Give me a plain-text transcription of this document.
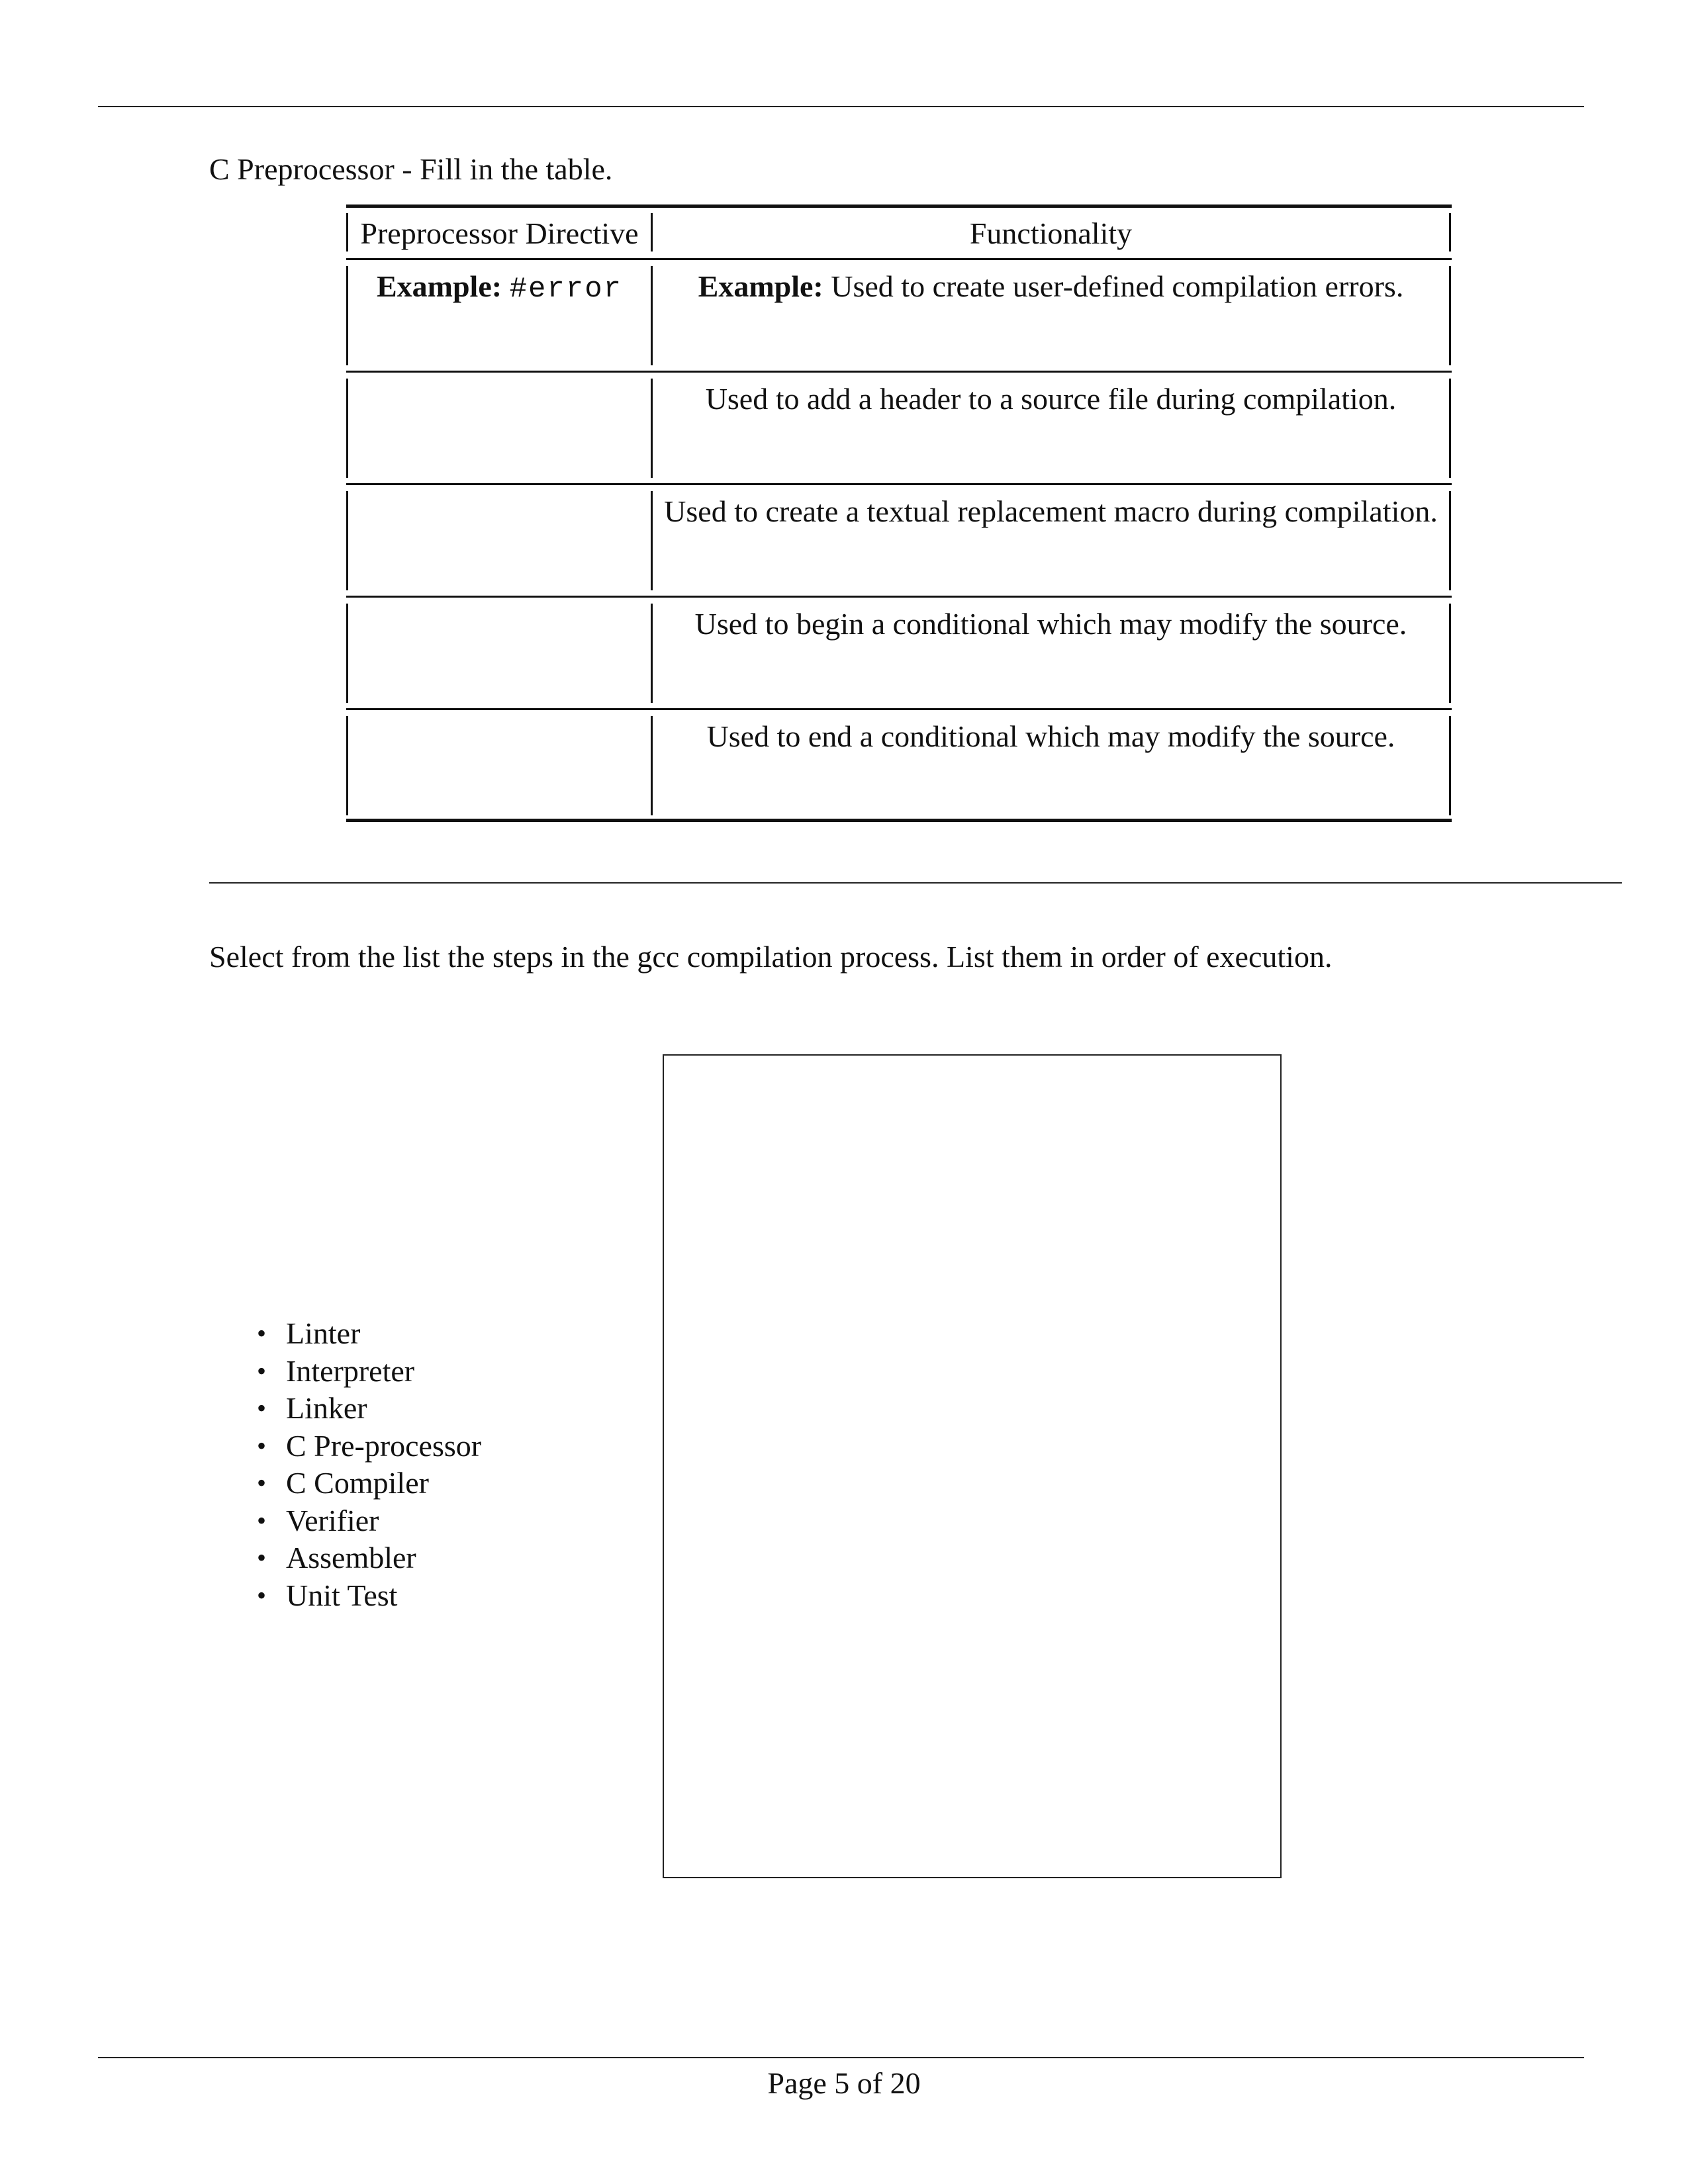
C Preprocessor - Fill in the table.
Preprocessor Directive	Functionality
Example: #error	Example: Used to create user-defined compilation errors.
Used to add a header to a source file during compilation.
Used to create a textual replacement macro during compilation.
Used to begin a conditional which may modify the source.
Used to end a conditional which may modify the source.
Select from the list the steps in the gcc compilation process. List them in order of execution.
• Linter
• Interpreter
• Linker
• C Pre-processor
• C Compiler
• Verifier
• Assembler
• Unit Test
Page 5 of 20
